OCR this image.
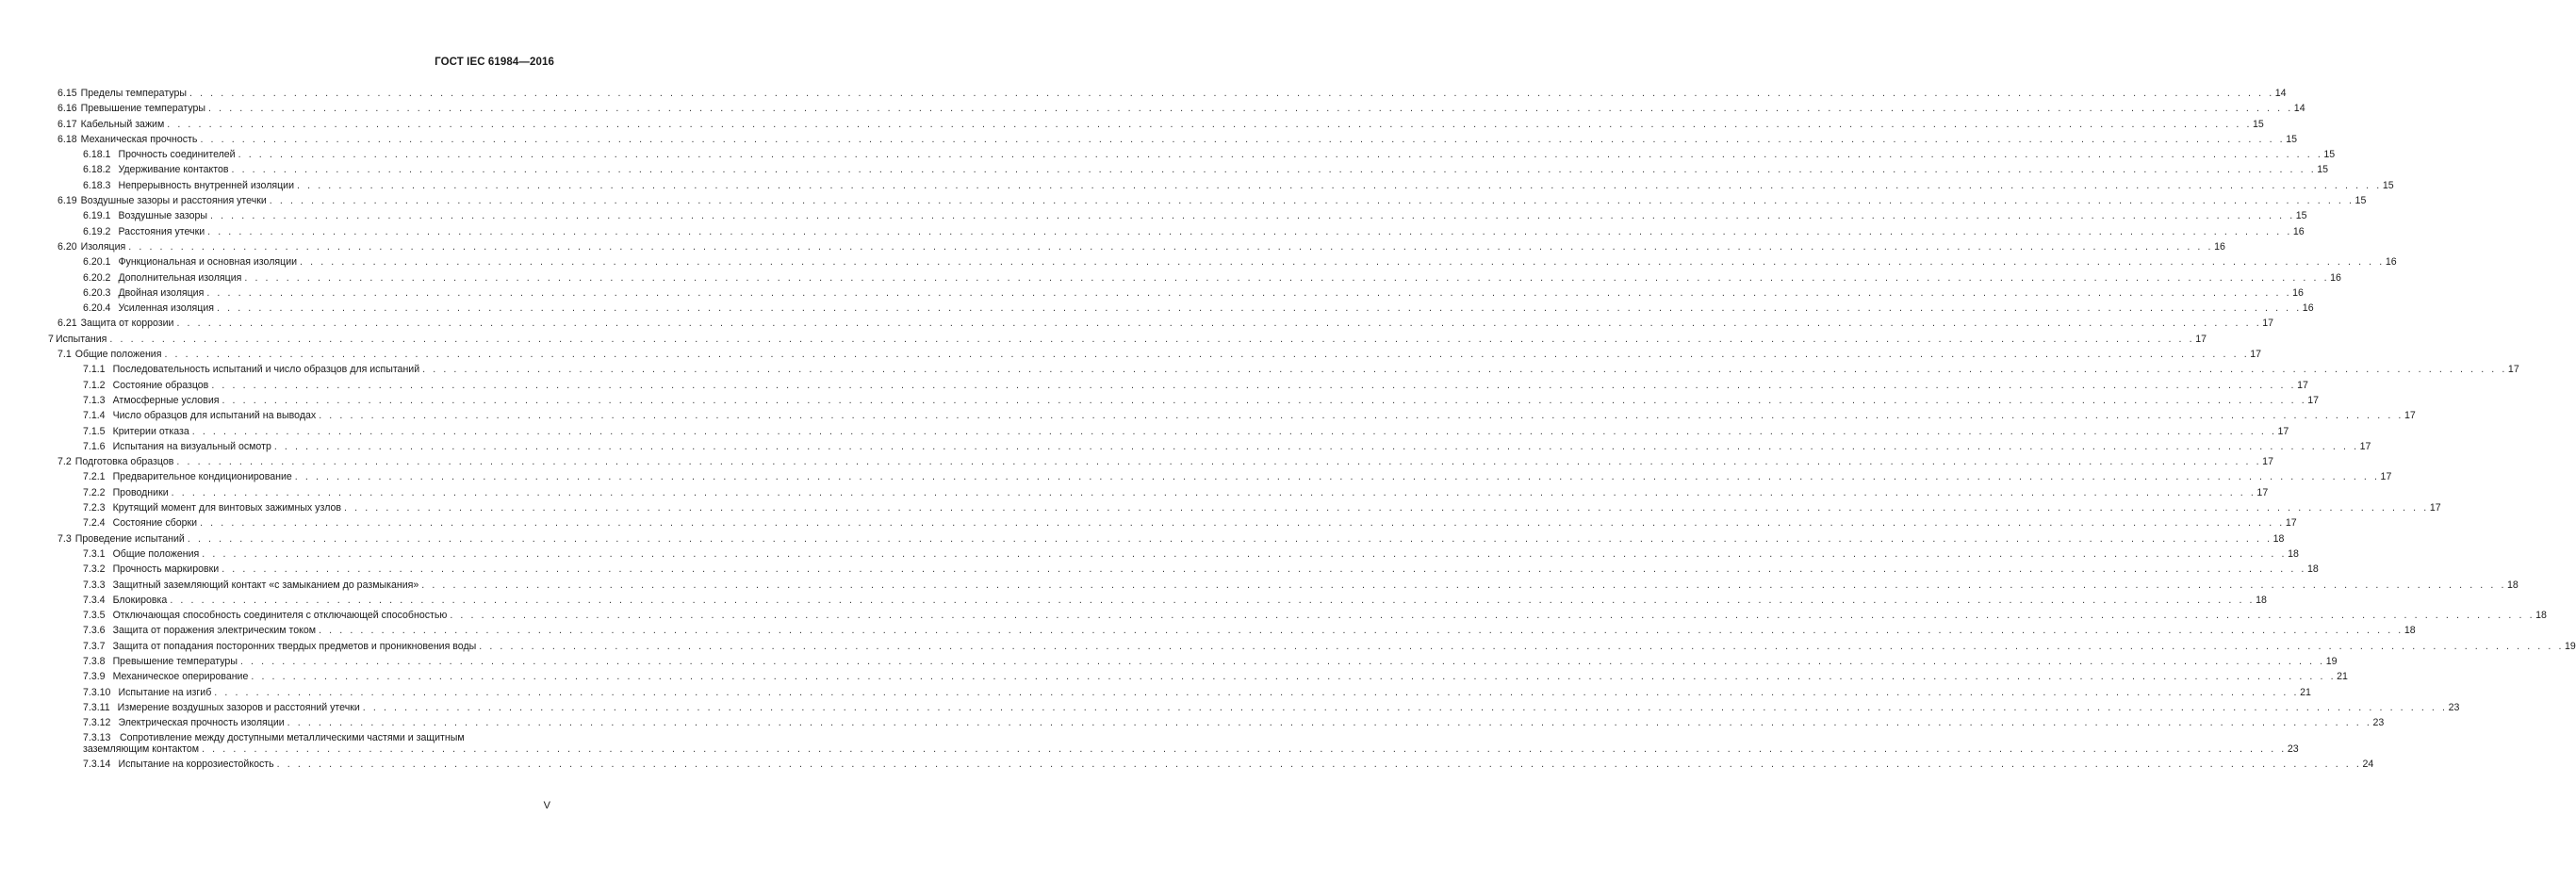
ГОСТ IEC 61984—2016
6.15 Пределы температуры . . . . . . . . . . . . . . . . . . . . . . . . . . . . . . . . . . . . . . . . . . . . . . . . . . . . . . . . . . . . . . . . . . . . . . . . . . . . . . . . . . . . . . . . . . . . . . . . . . . . . . . . . . . . . . . . . . . . . . . . . . . . . . . . . . . . . . . . . . . . . . . . . . . . . . . . . . . . . . . . . . . . . . . . . . . . . . . . . . . . . . . . . . . . . . . . . . . . . . . . 14
6.16 Превышение температуры . . . . . . . . . . . . . . . . . . . . . . . . . . . . . . . . . . . . . . . . . . . . . . . . . . . . . . . . . . . . . . . . . . . . . . . . . . . . . . . . . . . . . . . . . . . . . . . . . . . . . . . . . . . . . . . . . . . . . . . . . . . . . . . . . . . . . . . . . . . . . . . . . . . . . . . . . . . . . . . . . . . . . . . . . . . . . . . . . . . . . . . . . . . . . . . . . . . . . . . . 14
6.17 Кабельный зажим . . . . . . . . . . . . . . . . . . . . . . . . . . . . . . . . . . . . . . . . . . . . . . . . . . . . . . . . . . . . . . . . . . . . . . . . . . . . . . . . . . . . . . . . . . . . . . . . . . . . . . . . . . . . . . . . . . . . . . . . . . . . . . . . . . . . . . . . . . . . . . . . . . . . . . . . . . . . . . . . . . . . . . . . . . . . . . . . . . . . . . . . . . . . . . . . . . . . . . . . 15
6.18 Механическая прочность . . . . . . . . . . . . . . . . . . . . . . . . . . . . . . . . . . . . . . . . . . . . . . . . . . . . . . . . . . . . . . . . . . . . . . . . . . . . . . . . . . . . . . . . . . . . . . . . . . . . . . . . . . . . . . . . . . . . . . . . . . . . . . . . . . . . . . . . . . . . . . . . . . . . . . . . . . . . . . . . . . . . . . . . . . . . . . . . . . . . . . . . . . . . . . . . . . . . . . . . 15
6.18.1 Прочность соединителей . . . . . . . . . . . . . . . . . . . . . . . . . . . . . . . . . . . . . . . . . . . . . . . . . . . . . . . . . . . . . . . . . . . . . . . . . . . . . . . . . . . . . . . . . . . . . . . . . . . . . . . . . . . . . . . . . . . . . . . . . . . . . . . . . . . . . . . . . . . . . . . . . . . . . . . . . . . . . . . . . . . . . . . . . . . . . . . . . . . . . . . . . . . . . . . . . . . . . . . . 15
6.18.2 Удерживание контактов . . . . . . . . . . . . . . . . . . . . . . . . . . . . . . . . . . . . . . . . . . . . . . . . . . . . . . . . . . . . . . . . . . . . . . . . . . . . . . . . . . . . . . . . . . . . . . . . . . . . . . . . . . . . . . . . . . . . . . . . . . . . . . . . . . . . . . . . . . . . . . . . . . . . . . . . . . . . . . . . . . . . . . . . . . . . . . . . . . . . . . . . . . . . . . . . . . . . . . . . 15
6.18.3 Непрерывность внутренней изоляции . . . . . . . . . . . . . . . . . . . . . . . . . . . . . . . . . . . . . . . . . . . . . . . . . . . . . . . . . . . . . . . . . . . . . . . . . . . . . . . . . . . . . . . . . . . . . . . . . . . . . . . . . . . . . . . . . . . . . . . . . . . . . . . . . . . . . . . . . . . . . . . . . . . . . . . . . . . . . . . . . . . . . . . . . . . . . . . . . . . . . . . . . . . . . . . . . . . . . . . . 15
6.19 Воздушные зазоры и расстояния утечки . . . . . . . . . . . . . . . . . . . . . . . . . . . . . . . . . . . . . . . . . . . . . . . . . . . . . . . . . . . . . . . . . . . . . . . . . . . . . . . . . . . . . . . . . . . . . . . . . . . . . . . . . . . . . . . . . . . . . . . . . . . . . . . . . . . . . . . . . . . . . . . . . . . . . . . . . . . . . . . . . . . . . . . . . . . . . . . . . . . . . . . . . . . . . . . . . . . . . . . . 15
6.19.1 Воздушные зазоры . . . . . . . . . . . . . . . . . . . . . . . . . . . . . . . . . . . . . . . . . . . . . . . . . . . . . . . . . . . . . . . . . . . . . . . . . . . . . . . . . . . . . . . . . . . . . . . . . . . . . . . . . . . . . . . . . . . . . . . . . . . . . . . . . . . . . . . . . . . . . . . . . . . . . . . . . . . . . . . . . . . . . . . . . . . . . . . . . . . . . . . . . . . . . . . . . . . . . . . . 15
6.19.2 Расстояния утечки . . . . . . . . . . . . . . . . . . . . . . . . . . . . . . . . . . . . . . . . . . . . . . . . . . . . . . . . . . . . . . . . . . . . . . . . . . . . . . . . . . . . . . . . . . . . . . . . . . . . . . . . . . . . . . . . . . . . . . . . . . . . . . . . . . . . . . . . . . . . . . . . . . . . . . . . . . . . . . . . . . . . . . . . . . . . . . . . . . . . . . . . . . . . . . . . . . . . . . . . 16
6.20 Изоляция . . . . . . . . . . . . . . . . . . . . . . . . . . . . . . . . . . . . . . . . . . . . . . . . . . . . . . . . . . . . . . . . . . . . . . . . . . . . . . . . . . . . . . . . . . . . . . . . . . . . . . . . . . . . . . . . . . . . . . . . . . . . . . . . . . . . . . . . . . . . . . . . . . . . . . . . . . . . . . . . . . . . . . . . . . . . . . . . . . . . . . . . . . . . . . . . . . . . . . . . 16
6.20.1 Функциональная и основная изоляции . . . . . . . . . . . . . . . . . . . . . . . . . . . . . . . . . . . . . . . . . . . . . . . . . . . . . . . . . . . . . . . . . . . . . . . . . . . . . . . . . . . . . . . . . . . . . . . . . . . . . . . . . . . . . . . . . . . . . . . . . . . . . . . . . . . . . . . . . . . . . . . . . . . . . . . . . . . . . . . . . . . . . . . . . . . . . . . . . . . . . . . . . . . . . . . . . . . . . . . . 16
6.20.2 Дополнительная изоляция . . . . . . . . . . . . . . . . . . . . . . . . . . . . . . . . . . . . . . . . . . . . . . . . . . . . . . . . . . . . . . . . . . . . . . . . . . . . . . . . . . . . . . . . . . . . . . . . . . . . . . . . . . . . . . . . . . . . . . . . . . . . . . . . . . . . . . . . . . . . . . . . . . . . . . . . . . . . . . . . . . . . . . . . . . . . . . . . . . . . . . . . . . . . . . . . . . . . . . . . 16
6.20.3 Двойная изоляция . . . . . . . . . . . . . . . . . . . . . . . . . . . . . . . . . . . . . . . . . . . . . . . . . . . . . . . . . . . . . . . . . . . . . . . . . . . . . . . . . . . . . . . . . . . . . . . . . . . . . . . . . . . . . . . . . . . . . . . . . . . . . . . . . . . . . . . . . . . . . . . . . . . . . . . . . . . . . . . . . . . . . . . . . . . . . . . . . . . . . . . . . . . . . . . . . . . . . . . . 16
6.20.4 Усиленная изоляция . . . . . . . . . . . . . . . . . . . . . . . . . . . . . . . . . . . . . . . . . . . . . . . . . . . . . . . . . . . . . . . . . . . . . . . . . . . . . . . . . . . . . . . . . . . . . . . . . . . . . . . . . . . . . . . . . . . . . . . . . . . . . . . . . . . . . . . . . . . . . . . . . . . . . . . . . . . . . . . . . . . . . . . . . . . . . . . . . . . . . . . . . . . . . . . . . . . . . . . . 16
6.21 Защита от коррозии . . . . . . . . . . . . . . . . . . . . . . . . . . . . . . . . . . . . . . . . . . . . . . . . . . . . . . . . . . . . . . . . . . . . . . . . . . . . . . . . . . . . . . . . . . . . . . . . . . . . . . . . . . . . . . . . . . . . . . . . . . . . . . . . . . . . . . . . . . . . . . . . . . . . . . . . . . . . . . . . . . . . . . . . . . . . . . . . . . . . . . . . . . . . . . . . . . . . . . . . 17
7 Испытания . . . . . . . . . . . . . . . . . . . . . . . . . . . . . . . . . . . . . . . . . . . . . . . . . . . . . . . . . . . . . . . . . . . . . . . . . . . . . . . . . . . . . . . . . . . . . . . . . . . . . . . . . . . . . . . . . . . . . . . . . . . . . . . . . . . . . . . . . . . . . . . . . . . . . . . . . . . . . . . . . . . . . . . . . . . . . . . . . . . . . . . . . . . . . . . . . . . . . . . . 17
7.1 Общие положения . . . . . . . . . . . . . . . . . . . . . . . . . . . . . . . . . . . . . . . . . . . . . . . . . . . . . . . . . . . . . . . . . . . . . . . . . . . . . . . . . . . . . . . . . . . . . . . . . . . . . . . . . . . . . . . . . . . . . . . . . . . . . . . . . . . . . . . . . . . . . . . . . . . . . . . . . . . . . . . . . . . . . . . . . . . . . . . . . . . . . . . . . . . . . . . . . . . . . . . . 17
7.1.1 Последовательность испытаний и число образцов для испытаний . . . . . . . . . . . . . . . . . . . . . . . . . . . . . . . . . . . . . . . . . . . . . . . . . . . . . . . . . . . . . . . . . . . . . . . . . . . . . . . . . . . . . . . . . . . . . . . . . . . . . . . . . . . . . . . . . . . . . . . . . . . . . . . . . . . . . . . . . . . . . . . . . . . . . . . . . . . . . . . . . . . . . . . . . . . . . . . . . . . . . . . . . . . . . . . . . . . . . . . . 17
7.1.2 Состояние образцов . . . . . . . . . . . . . . . . . . . . . . . . . . . . . . . . . . . . . . . . . . . . . . . . . . . . . . . . . . . . . . . . . . . . . . . . . . . . . . . . . . . . . . . . . . . . . . . . . . . . . . . . . . . . . . . . . . . . . . . . . . . . . . . . . . . . . . . . . . . . . . . . . . . . . . . . . . . . . . . . . . . . . . . . . . . . . . . . . . . . . . . . . . . . . . . . . . . . . . . . 17
7.1.3 Атмосферные условия . . . . . . . . . . . . . . . . . . . . . . . . . . . . . . . . . . . . . . . . . . . . . . . . . . . . . . . . . . . . . . . . . . . . . . . . . . . . . . . . . . . . . . . . . . . . . . . . . . . . . . . . . . . . . . . . . . . . . . . . . . . . . . . . . . . . . . . . . . . . . . . . . . . . . . . . . . . . . . . . . . . . . . . . . . . . . . . . . . . . . . . . . . . . . . . . . . . . . . . . 17
7.1.4 Число образцов для испытаний на выводах . . . . . . . . . . . . . . . . . . . . . . . . . . . . . . . . . . . . . . . . . . . . . . . . . . . . . . . . . . . . . . . . . . . . . . . . . . . . . . . . . . . . . . . . . . . . . . . . . . . . . . . . . . . . . . . . . . . . . . . . . . . . . . . . . . . . . . . . . . . . . . . . . . . . . . . . . . . . . . . . . . . . . . . . . . . . . . . . . . . . . . . . . . . . . . . . . . . . . . . . 17
7.1.5 Критерии отказа . . . . . . . . . . . . . . . . . . . . . . . . . . . . . . . . . . . . . . . . . . . . . . . . . . . . . . . . . . . . . . . . . . . . . . . . . . . . . . . . . . . . . . . . . . . . . . . . . . . . . . . . . . . . . . . . . . . . . . . . . . . . . . . . . . . . . . . . . . . . . . . . . . . . . . . . . . . . . . . . . . . . . . . . . . . . . . . . . . . . . . . . . . . . . . . . . . . . . . . . 17
7.1.6 Испытания на визуальный осмотр . . . . . . . . . . . . . . . . . . . . . . . . . . . . . . . . . . . . . . . . . . . . . . . . . . . . . . . . . . . . . . . . . . . . . . . . . . . . . . . . . . . . . . . . . . . . . . . . . . . . . . . . . . . . . . . . . . . . . . . . . . . . . . . . . . . . . . . . . . . . . . . . . . . . . . . . . . . . . . . . . . . . . . . . . . . . . . . . . . . . . . . . . . . . . . . . . . . . . . . . 17
7.2 Подготовка образцов . . . . . . . . . . . . . . . . . . . . . . . . . . . . . . . . . . . . . . . . . . . . . . . . . . . . . . . . . . . . . . . . . . . . . . . . . . . . . . . . . . . . . . . . . . . . . . . . . . . . . . . . . . . . . . . . . . . . . . . . . . . . . . . . . . . . . . . . . . . . . . . . . . . . . . . . . . . . . . . . . . . . . . . . . . . . . . . . . . . . . . . . . . . . . . . . . . . . . . . . 17
7.2.1 Предварительное кондиционирование . . . . . . . . . . . . . . . . . . . . . . . . . . . . . . . . . . . . . . . . . . . . . . . . . . . . . . . . . . . . . . . . . . . . . . . . . . . . . . . . . . . . . . . . . . . . . . . . . . . . . . . . . . . . . . . . . . . . . . . . . . . . . . . . . . . . . . . . . . . . . . . . . . . . . . . . . . . . . . . . . . . . . . . . . . . . . . . . . . . . . . . . . . . . . . . . . . . . . . . . 17
7.2.2 Проводники . . . . . . . . . . . . . . . . . . . . . . . . . . . . . . . . . . . . . . . . . . . . . . . . . . . . . . . . . . . . . . . . . . . . . . . . . . . . . . . . . . . . . . . . . . . . . . . . . . . . . . . . . . . . . . . . . . . . . . . . . . . . . . . . . . . . . . . . . . . . . . . . . . . . . . . . . . . . . . . . . . . . . . . . . . . . . . . . . . . . . . . . . . . . . . . . . . . . . . . . 17
7.2.3 Крутящий момент для винтовых зажимных узлов . . . . . . . . . . . . . . . . . . . . . . . . . . . . . . . . . . . . . . . . . . . . . . . . . . . . . . . . . . . . . . . . . . . . . . . . . . . . . . . . . . . . . . . . . . . . . . . . . . . . . . . . . . . . . . . . . . . . . . . . . . . . . . . . . . . . . . . . . . . . . . . . . . . . . . . . . . . . . . . . . . . . . . . . . . . . . . . . . . . . . . . . . . . . . . . . . . . . . . . . 17
7.2.4 Состояние сборки . . . . . . . . . . . . . . . . . . . . . . . . . . . . . . . . . . . . . . . . . . . . . . . . . . . . . . . . . . . . . . . . . . . . . . . . . . . . . . . . . . . . . . . . . . . . . . . . . . . . . . . . . . . . . . . . . . . . . . . . . . . . . . . . . . . . . . . . . . . . . . . . . . . . . . . . . . . . . . . . . . . . . . . . . . . . . . . . . . . . . . . . . . . . . . . . . . . . . . . . 17
7.3 Проведение испытаний . . . . . . . . . . . . . . . . . . . . . . . . . . . . . . . . . . . . . . . . . . . . . . . . . . . . . . . . . . . . . . . . . . . . . . . . . . . . . . . . . . . . . . . . . . . . . . . . . . . . . . . . . . . . . . . . . . . . . . . . . . . . . . . . . . . . . . . . . . . . . . . . . . . . . . . . . . . . . . . . . . . . . . . . . . . . . . . . . . . . . . . . . . . . . . . . . . . . . . . . 18
7.3.1 Общие положения . . . . . . . . . . . . . . . . . . . . . . . . . . . . . . . . . . . . . . . . . . . . . . . . . . . . . . . . . . . . . . . . . . . . . . . . . . . . . . . . . . . . . . . . . . . . . . . . . . . . . . . . . . . . . . . . . . . . . . . . . . . . . . . . . . . . . . . . . . . . . . . . . . . . . . . . . . . . . . . . . . . . . . . . . . . . . . . . . . . . . . . . . . . . . . . . . . . . . . . . 18
7.3.2 Прочность маркировки . . . . . . . . . . . . . . . . . . . . . . . . . . . . . . . . . . . . . . . . . . . . . . . . . . . . . . . . . . . . . . . . . . . . . . . . . . . . . . . . . . . . . . . . . . . . . . . . . . . . . . . . . . . . . . . . . . . . . . . . . . . . . . . . . . . . . . . . . . . . . . . . . . . . . . . . . . . . . . . . . . . . . . . . . . . . . . . . . . . . . . . . . . . . . . . . . . . . . . . . 18
7.3.3 Защитный заземляющий контакт «с замыканием до размыкания» . . . . . . . . . . . . . . . . . . . . . . . . . . . . . . . . . . . . . . . . . . . . . . . . . . . . . . . . . . . . . . . . . . . . . . . . . . . . . . . . . . . . . . . . . . . . . . . . . . . . . . . . . . . . . . . . . . . . . . . . . . . . . . . . . . . . . . . . . . . . . . . . . . . . . . . . . . . . . . . . . . . . . . . . . . . . . . . . . . . . . . . . . . . . . . . . . . . . . . . . 18
7.3.4 Блокировка . . . . . . . . . . . . . . . . . . . . . . . . . . . . . . . . . . . . . . . . . . . . . . . . . . . . . . . . . . . . . . . . . . . . . . . . . . . . . . . . . . . . . . . . . . . . . . . . . . . . . . . . . . . . . . . . . . . . . . . . . . . . . . . . . . . . . . . . . . . . . . . . . . . . . . . . . . . . . . . . . . . . . . . . . . . . . . . . . . . . . . . . . . . . . . . . . . . . . . . . 18
7.3.5 Отключающая способность соединителя с отключающей способностью . . . . . . . . . . . . . . . . . . . . . . . . . . . . . . . . . . . . . . . . . . . . . . . . . . . . . . . . . . . . . . . . . . . . . . . . . . . . . . . . . . . . . . . . . . . . . . . . . . . . . . . . . . . . . . . . . . . . . . . . . . . . . . . . . . . . . . . . . . . . . . . . . . . . . . . . . . . . . . . . . . . . . . . . . . . . . . . . . . . . . . . . . . . . . . . . . . . . . . . . 18
7.3.6 Защита от поражения электрическим током . . . . . . . . . . . . . . . . . . . . . . . . . . . . . . . . . . . . . . . . . . . . . . . . . . . . . . . . . . . . . . . . . . . . . . . . . . . . . . . . . . . . . . . . . . . . . . . . . . . . . . . . . . . . . . . . . . . . . . . . . . . . . . . . . . . . . . . . . . . . . . . . . . . . . . . . . . . . . . . . . . . . . . . . . . . . . . . . . . . . . . . . . . . . . . . . . . . . . . . . 18
7.3.7 Защита от попадания посторонних твердых предметов и проникновения воды . . . . . . . . . . . . . . . . . . . . . . . . . . . . . . . . . . . . . . . . . . . . . . . . . . . . . . . . . . . . . . . . . . . . . . . . . . . . . . . . . . . . . . . . . . . . . . . . . . . . . . . . . . . . . . . . . . . . . . . . . . . . . . . . . . . . . . . . . . . . . . . . . . . . . . . . . . . . . . . . . . . . . . . . . . . . . . . . . . . . . . . . . . . . . . . . . . . . . . . . 19
7.3.8 Превышение температуры . . . . . . . . . . . . . . . . . . . . . . . . . . . . . . . . . . . . . . . . . . . . . . . . . . . . . . . . . . . . . . . . . . . . . . . . . . . . . . . . . . . . . . . . . . . . . . . . . . . . . . . . . . . . . . . . . . . . . . . . . . . . . . . . . . . . . . . . . . . . . . . . . . . . . . . . . . . . . . . . . . . . . . . . . . . . . . . . . . . . . . . . . . . . . . . . . . . . . . . . 19
7.3.9 Механическое оперирование . . . . . . . . . . . . . . . . . . . . . . . . . . . . . . . . . . . . . . . . . . . . . . . . . . . . . . . . . . . . . . . . . . . . . . . . . . . . . . . . . . . . . . . . . . . . . . . . . . . . . . . . . . . . . . . . . . . . . . . . . . . . . . . . . . . . . . . . . . . . . . . . . . . . . . . . . . . . . . . . . . . . . . . . . . . . . . . . . . . . . . . . . . . . . . . . . . . . . . . . 21
7.3.10 Испытание на изгиб . . . . . . . . . . . . . . . . . . . . . . . . . . . . . . . . . . . . . . . . . . . . . . . . . . . . . . . . . . . . . . . . . . . . . . . . . . . . . . . . . . . . . . . . . . . . . . . . . . . . . . . . . . . . . . . . . . . . . . . . . . . . . . . . . . . . . . . . . . . . . . . . . . . . . . . . . . . . . . . . . . . . . . . . . . . . . . . . . . . . . . . . . . . . . . . . . . . . . . . . 21
7.3.11 Измерение воздушных зазоров и расстояний утечки . . . . . . . . . . . . . . . . . . . . . . . . . . . . . . . . . . . . . . . . . . . . . . . . . . . . . . . . . . . . . . . . . . . . . . . . . . . . . . . . . . . . . . . . . . . . . . . . . . . . . . . . . . . . . . . . . . . . . . . . . . . . . . . . . . . . . . . . . . . . . . . . . . . . . . . . . . . . . . . . . . . . . . . . . . . . . . . . . . . . . . . . . . . . . . . . . . . . . . . . 23
7.3.12 Электрическая прочность изоляции . . . . . . . . . . . . . . . . . . . . . . . . . . . . . . . . . . . . . . . . . . . . . . . . . . . . . . . . . . . . . . . . . . . . . . . . . . . . . . . . . . . . . . . . . . . . . . . . . . . . . . . . . . . . . . . . . . . . . . . . . . . . . . . . . . . . . . . . . . . . . . . . . . . . . . . . . . . . . . . . . . . . . . . . . . . . . . . . . . . . . . . . . . . . . . . . . . . . . . . . 23
7.3.13 Сопротивление между доступными металлическими частями и защитным
заземляющим контактом . . . . . . . . . . . . . . . . . . . . . . . . . . . . . . . . . . . . . . . . . . . . . . . . . . . . . . . . . . . . . . . . . . . . . . . . . . . . . . . . . . . . . . . . . . . . . . . . . . . . . . . . . . . . . . . . . . . . . . . . . . . . . . . . . . . . . . . . . . . . . . . . . . . . . . . . . . . . . . . . . . . . . . . . . . . . . . . . . . . . . . . . . . . . . . . . . . . . . . . . 23
7.3.14 Испытание на коррозиестойкость . . . . . . . . . . . . . . . . . . . . . . . . . . . . . . . . . . . . . . . . . . . . . . . . . . . . . . . . . . . . . . . . . . . . . . . . . . . . . . . . . . . . . . . . . . . . . . . . . . . . . . . . . . . . . . . . . . . . . . . . . . . . . . . . . . . . . . . . . . . . . . . . . . . . . . . . . . . . . . . . . . . . . . . . . . . . . . . . . . . . . . . . . . . . . . . . . . . . . . . . 24
V
